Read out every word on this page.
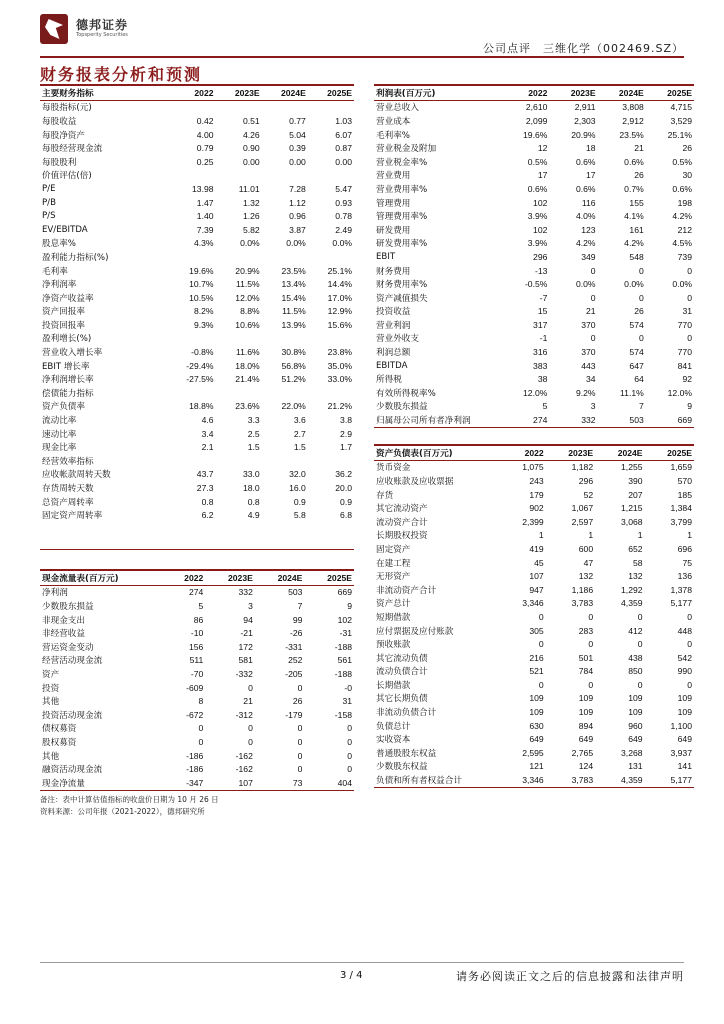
德邦证券
Topsperity Securities
公司点评　三维化学（002469.SZ）
财务报表分析和预测
主要财务指标	2022	2023E	2024E	2025E
每股指标(元)				
每股收益	0.42	0.51	0.77	1.03
每股净资产	4.00	4.26	5.04	6.07
每股经营现金流	0.79	0.90	0.39	0.87
每股股利	0.25	0.00	0.00	0.00
价值评估(倍)				
P/E	13.98	11.01	7.28	5.47
P/B	1.47	1.32	1.12	0.93
P/S	1.40	1.26	0.96	0.78
EV/EBITDA	7.39	5.82	3.87	2.49
股息率%	4.3%	0.0%	0.0%	0.0%
盈利能力指标(%)				
毛利率	19.6%	20.9%	23.5%	25.1%
净利润率	10.7%	11.5%	13.4%	14.4%
净资产收益率	10.5%	12.0%	15.4%	17.0%
资产回报率	8.2%	8.8%	11.5%	12.9%
投资回报率	9.3%	10.6%	13.9%	15.6%
盈利增长(%)				
营业收入增长率	-0.8%	11.6%	30.8%	23.8%
EBIT 增长率	-29.4%	18.0%	56.8%	35.0%
净利润增长率	-27.5%	21.4%	51.2%	33.0%
偿债能力指标				
资产负债率	18.8%	23.6%	22.0%	21.2%
流动比率	4.6	3.3	3.6	3.8
速动比率	3.4	2.5	2.7	2.9
现金比率	2.1	1.5	1.5	1.7
经营效率指标				
应收帐款周转天数	43.7	33.0	32.0	36.2
存货周转天数	27.3	18.0	16.0	20.0
总资产周转率	0.8	0.8	0.9	0.9
固定资产周转率	6.2	4.9	5.8	6.8

利润表(百万元)	2022	2023E	2024E	2025E
营业总收入	2,610	2,911	3,808	4,715
营业成本	2,099	2,303	2,912	3,529
毛利率%	19.6%	20.9%	23.5%	25.1%
营业税金及附加	12	18	21	26
营业税金率%	0.5%	0.6%	0.6%	0.5%
营业费用	17	17	26	30
营业费用率%	0.6%	0.6%	0.7%	0.6%
管理费用	102	116	155	198
管理费用率%	3.9%	4.0%	4.1%	4.2%
研发费用	102	123	161	212
研发费用率%	3.9%	4.2%	4.2%	4.5%
EBIT	296	349	548	739
财务费用	-13	0	0	0
财务费用率%	-0.5%	0.0%	0.0%	0.0%
资产减值损失	-7	0	0	0
投资收益	15	21	26	31
营业利润	317	370	574	770
营业外收支	-1	0	0	0
利润总额	316	370	574	770
EBITDA	383	443	647	841
所得税	38	34	64	92
有效所得税率%	12.0%	9.2%	11.1%	12.0%
少数股东损益	5	3	7	9
归属母公司所有者净利润	274	332	503	669
资产负债表(百万元)	2022	2023E	2024E	2025E
货币资金	1,075	1,182	1,255	1,659
应收账款及应收票据	243	296	390	570
存货	179	52	207	185
其它流动资产	902	1,067	1,215	1,384
流动资产合计	2,399	2,597	3,068	3,799
长期股权投资	1	1	1	1
固定资产	419	600	652	696
在建工程	45	47	58	75
无形资产	107	132	132	136
非流动资产合计	947	1,186	1,292	1,378
资产总计	3,346	3,783	4,359	5,177
短期借款	0	0	0	0
应付票据及应付账款	305	283	412	448
预收账款	0	0	0	0
其它流动负债	216	501	438	542
流动负债合计	521	784	850	990
长期借款	0	0	0	0
其它长期负债	109	109	109	109
非流动负债合计	109	109	109	109
负债总计	630	894	960	1,100
实收资本	649	649	649	649
普通股股东权益	2,595	2,765	3,268	3,937
少数股东权益	121	124	131	141
负债和所有者权益合计	3,346	3,783	4,359	5,177
现金流量表(百万元)	2022	2023E	2024E	2025E
净利润	274	332	503	669
少数股东损益	5	3	7	9
非现金支出	86	94	99	102
非经营收益	-10	-21	-26	-31
营运资金变动	156	172	-331	-188
经营活动现金流	511	581	252	561
资产	-70	-332	-205	-188
投资	-609	0	0	-0
其他	8	21	26	31
投资活动现金流	-672	-312	-179	-158
债权募资	0	0	0	0
股权募资	0	0	0	0
其他	-186	-162	0	0
融资活动现金流	-186	-162	0	0
现金净流量	-347	107	73	404
备注：表中计算估值指标的收盘价日期为 10 月 26 日
资料来源：公司年报（2021-2022），德邦研究所
3 / 4	请务必阅读正文之后的信息披露和法律声明
